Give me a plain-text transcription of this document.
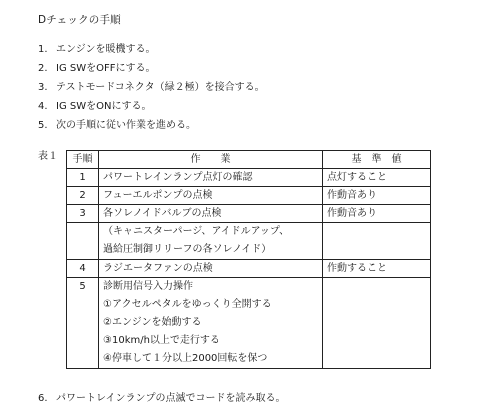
Dチェックの手順
1. エンジンを暖機する。
2. IG SWをOFFにする。
3. テストモードコネクタ（緑２極）を接合する。
4. IG SWをONにする。
5. 次の手順に従い作業を進める。
表１ 手順	作　　業	基　準　値
1	パワートレインランプ点灯の確認	点灯すること
2	フューエルポンプの点検	作動音あり
3	各ソレノイドバルブの点検	作動音あり

	（キャニスターパージ、アイドルアップ、
過給圧制御リリーフの各ソレノイド）	

4	ラジエータファンの点検	作動すること
5	診断用信号入力操作
①アクセルペタルをゆっくり全開する
②エンジンを始動する
③10km/h以上で走行する
④停車して１分以上2000回転を保つ	

6. パワートレインランプの点滅でコードを読み取る。
